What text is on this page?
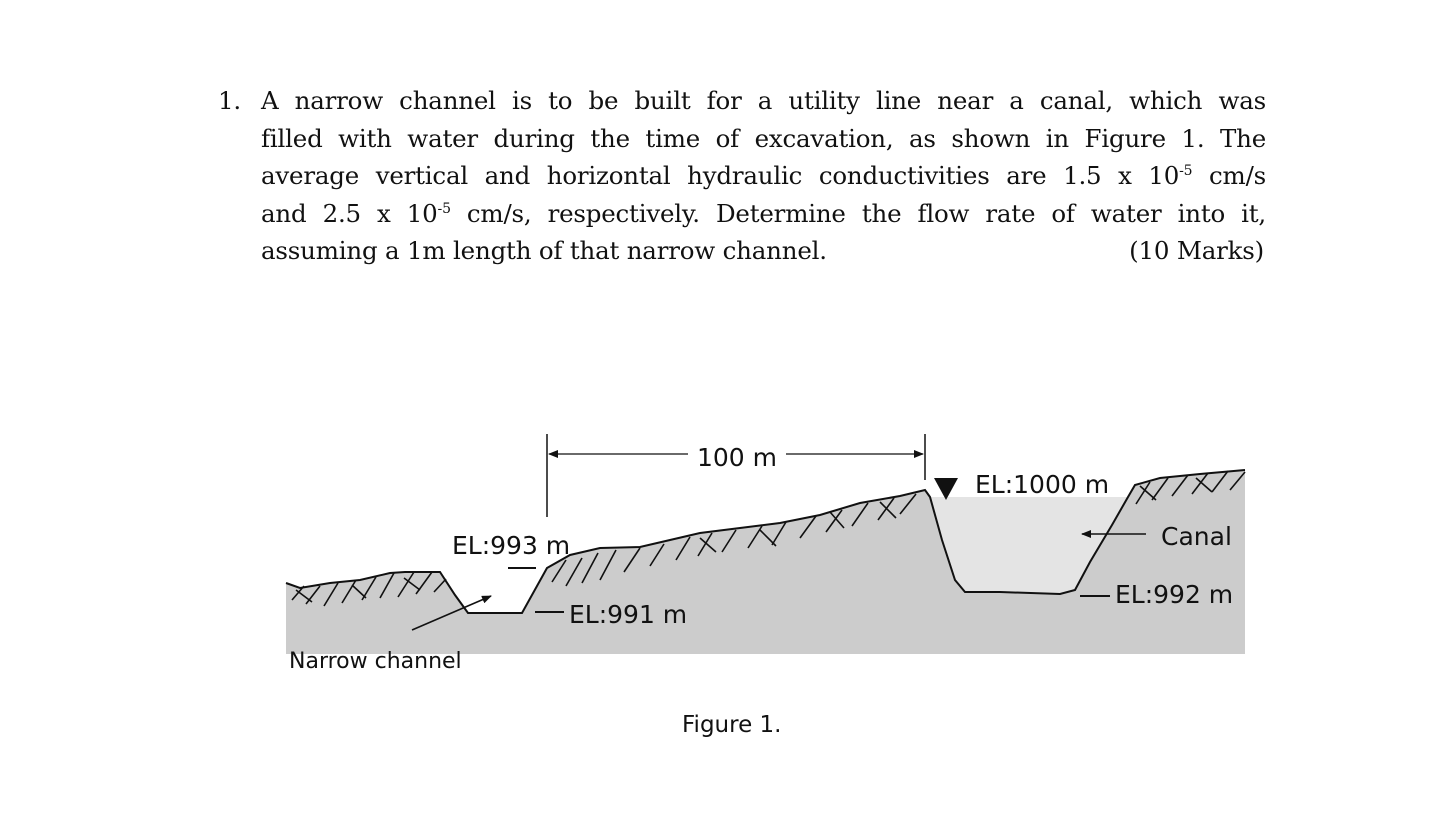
1. A narrow channel is to be built for a utility line near a canal, which was
filled with water during the time of excavation, as shown in Figure 1. The
average vertical and horizontal hydraulic conductivities are 1.5 x $10^{-5}$ cm/s
and 2.5 x $10^{-5}$ cm/s, respectively. Determine the flow rate of water into it,
assuming a 1m length of that narrow channel.	(10 Marks)
100 m
EL:1000 m
EL:993 m
EL:991 m
Canal
EL:992 m
Narrow channel
Figure 1.
